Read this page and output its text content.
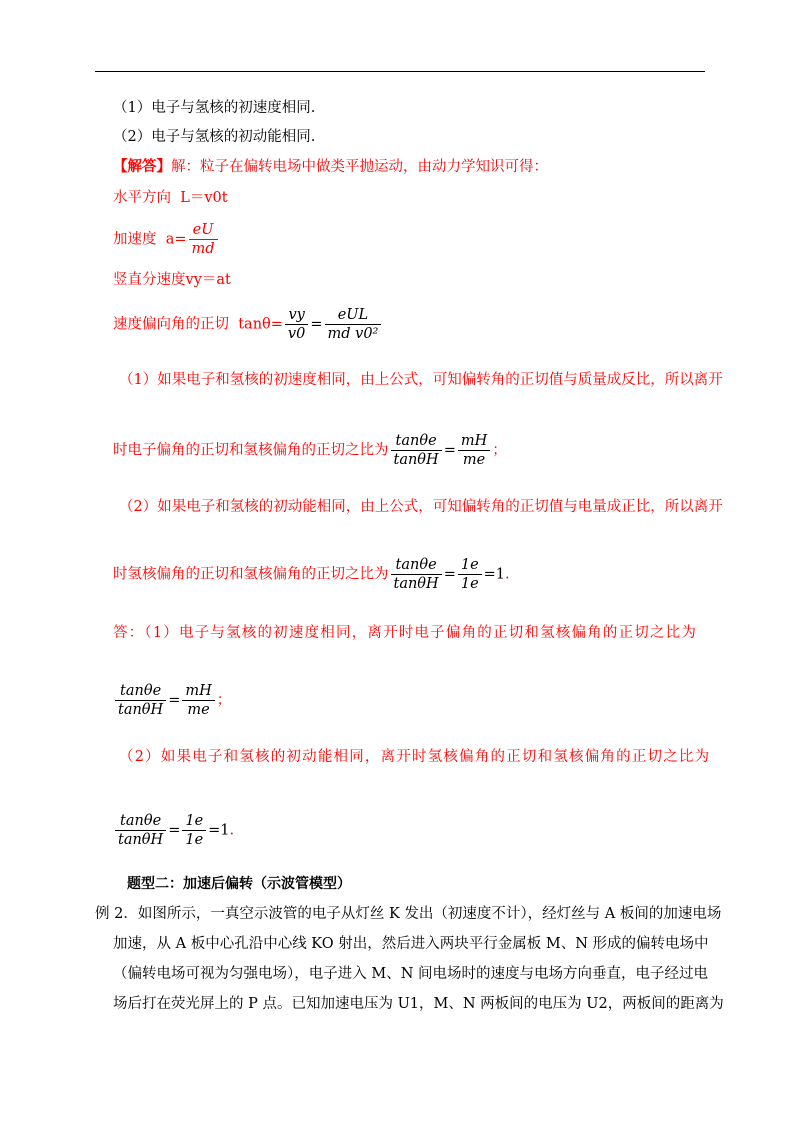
（1）电子与氢核的初速度相同.
（2）电子与氢核的初动能相同.
【解答】解：粒子在偏转电场中做类平抛运动，由动力学知识可得：
水平方向 L＝v0t
加速度 $a= \frac{eU}{md}$
竖直分速度vy＝at
速度偏向角的正切 $\tan\theta= \frac{vy}{v0} = \frac{\text{eUL}}{\text{md v0²}}$
（1）如果电子和氢核的初速度相同，由上公式，可知偏转角的正切值与质量成反比，所以离开
时电子偏角的正切和氢核偏角的正切之比为 $\frac{\tan\theta e}{\tan\theta H} = \frac{mH}{me}$ ；
（2）如果电子和氢核的初动能相同，由上公式，可知偏转角的正切值与电量成正比，所以离开
时氢核偏角的正切和氢核偏角的正切之比为 $\frac{\tan\theta e}{\tan\theta H} = \frac{1e}{1e} =1$.
答：（1）电子与氢核的初速度相同，离开时电子偏角的正切和氢核偏角的正切之比为
$\frac{\tan\theta e}{\tan\theta H} = \frac{mH}{me}$ ；
（2）如果电子和氢核的初动能相同，离开时氢核偏角的正切和氢核偏角的正切之比为
$\frac{\tan\theta e}{\tan\theta H} = \frac{1e}{1e} =1$.
题型二：加速后偏转（示波管模型）
例 2．如图所示，一真空示波管的电子从灯丝 K 发出（初速度不计），经灯丝与 A 板间的加速电场
加速，从 A 板中心孔沿中心线 KO 射出，然后进入两块平行金属板 M、N 形成的偏转电场中
（偏转电场可视为匀强电场），电子进入 M、N 间电场时的速度与电场方向垂直，电子经过电
场后打在荧光屏上的 P 点。已知加速电压为 U1，M、N 两板间的电压为 U2，两板间的距离为
